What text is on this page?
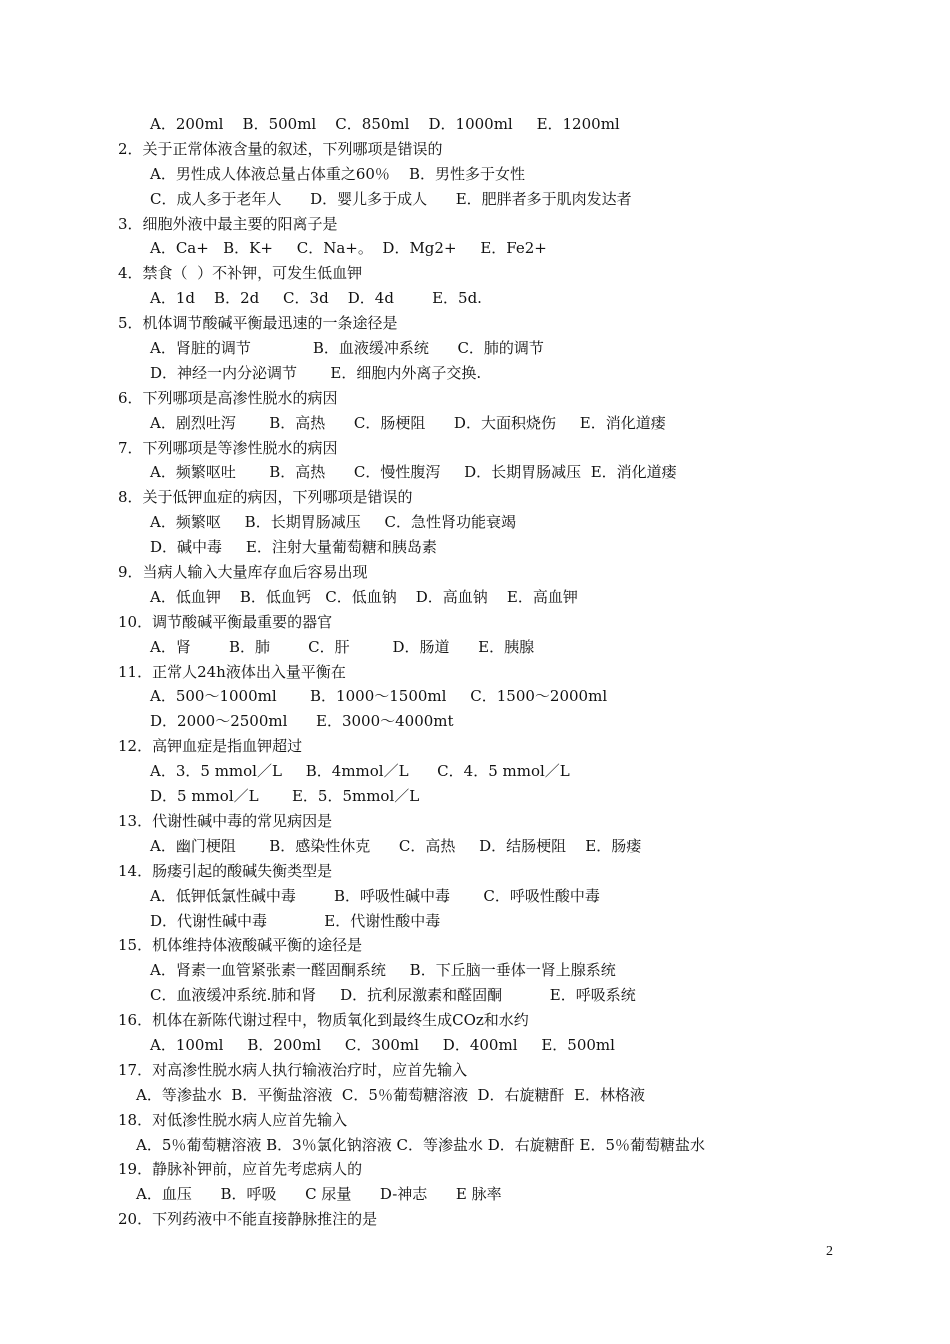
A．200ml    B．500ml    C．850ml    D．1000ml     E．1200ml
2．关于正常体液含量的叙述，下列哪项是错误的
A．男性成人体液总量占体重之60％    B．男性多于女性
C．成人多于老年人      D．婴儿多于成人      E．肥胖者多于肌肉发达者
3．细胞外液中最主要的阳离子是
A．Ca+   B．K+     C．Na+。  D．Mg2+     E．Fe2+
4．禁食（  ）不补钾，可发生低血钾
A．1d    B．2d     C．3d    D．4d        E．5d.
5．机体调节酸碱平衡最迅速的一条途径是
A．肾脏的调节             B．血液缓冲系统      C．肺的调节
D．神经一内分泌调节       E．细胞内外离子交换.
6．下列哪项是高渗性脱水的病因
A．剧烈吐泻       B．高热      C．肠梗阻      D．大面积烧伤     E．消化道瘘
7．下列哪项是等渗性脱水的病因
A．频繁呕吐       B．高热      C．慢性腹泻     D．长期胃肠减压  E．消化道瘘
8．关于低钾血症的病因，下列哪项是错误的
A．频繁呕     B．长期胃肠减压     C．急性肾功能衰竭
D．碱中毒     E．注射大量葡萄糖和胰岛素
9．当病人输入大量库存血后容易出现
A．低血钾    B．低血钙   C．低血钠    D．高血钠    E．高血钾
10．调节酸碱平衡最重要的器官
A．肾        B．肺        C．肝         D．肠道      E．胰腺
11．正常人24h液体出入量平衡在
A．500～1000ml       B．1000～1500ml     C．1500～2000ml
D．2000～2500ml      E．3000～4000mt
12．高钾血症是指血钾超过
A．3．5 mmol／L     B．4mmol／L      C．4．5 mmol／L
D．5 mmol／L       E．5．5mmol／L
13．代谢性碱中毒的常见病因是
A．幽门梗阻       B．感染性休克      C．高热     D．结肠梗阻    E．肠瘘
14．肠瘘引起的酸碱失衡类型是
A．低钾低氯性碱中毒        B．呼吸性碱中毒       C．呼吸性酸中毒
D．代谢性碱中毒            E．代谢性酸中毒
15．机体维持体液酸碱平衡的途径是
A．肾素一血管紧张素一醛固酮系统     B．下丘脑一垂体一肾上腺系统
C．血液缓冲系统.肺和肾     D．抗利尿激素和醛固酮          E．呼吸系统
16．机体在新陈代谢过程中，物质氧化到最终生成COz和水约
A．100ml     B．200ml     C．300ml     D．400ml     E．500ml
17．对高渗性脱水病人执行输液治疗时，应首先输入
A．等渗盐水  B．平衡盐溶液  C．5％葡萄糖溶液  D．右旋糖酐  E．林格液
18．对低渗性脱水病人应首先输入
A．5％葡萄糖溶液 B．3％氯化钠溶液 C．等渗盐水 D．右旋糖酐 E．5％葡萄糖盐水
19．静脉补钾前，应首先考虑病人的
A．血压      B．呼吸      C 尿量      D-神志      E 脉率
20．下列药液中不能直接静脉推注的是
2
